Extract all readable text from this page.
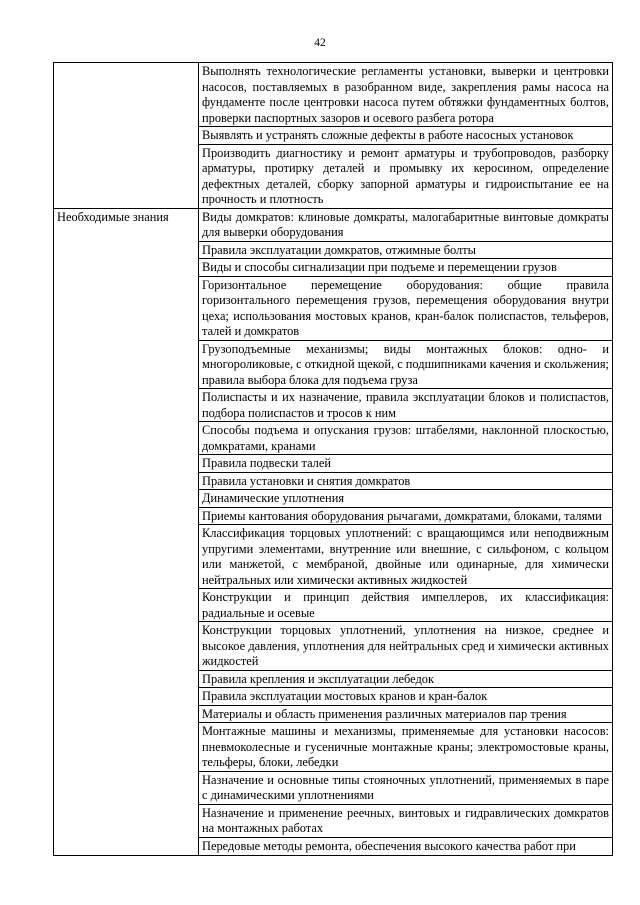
42
	Выполнять технологические регламенты установки, выверки и центровки насосов, поставляемых в разобранном виде, закрепления рамы насоса на фундаменте после центровки насоса путем обтяжки фундаментных болтов, проверки паспортных зазоров и осевого разбега ротора
	Выявлять и устранять сложные дефекты в работе насосных установок
	Производить диагностику и ремонт арматуры и трубопроводов, разборку арматуры, протирку деталей и промывку их керосином, определение дефектных деталей, сборку запорной арматуры и гидроиспытание ее на прочность и плотность
Необходимые знания	Виды домкратов: клиновые домкраты, малогабаритные винтовые домкраты для выверки оборудования
	Правила эксплуатации домкратов, отжимные болты
	Виды и способы сигнализации при подъеме и перемещении грузов
	Горизонтальное перемещение оборудования: общие правила горизонтального перемещения грузов, перемещения оборудования внутри цеха; использования мостовых кранов, кран-балок полиспастов, тельферов, талей и домкратов
	Грузоподъемные механизмы; виды монтажных блоков: одно- и многороликовые, с откидной щекой, с подшипниками качения и скольжения; правила выбора блока для подъема груза
	Полиспасты и их назначение, правила эксплуатации блоков и полиспастов, подбора полиспастов и тросов к ним
	Способы подъема и опускания грузов: штабелями, наклонной плоскостью, домкратами, кранами
	Правила подвески талей
	Правила установки и снятия домкратов
	Динамические уплотнения
	Приемы кантования оборудования рычагами, домкратами, блоками, талями
	Классификация торцовых уплотнений: с вращающимся или неподвижным упругими элементами, внутренние или внешние, с сильфоном, с кольцом или манжетой, с мембраной, двойные или одинарные, для химически нейтральных или химически активных жидкостей
	Конструкции и принцип действия импеллеров, их классификация: радиальные и осевые
	Конструкции торцовых уплотнений, уплотнения на низкое, среднее и высокое давления, уплотнения для нейтральных сред и химически активных жидкостей
	Правила крепления и эксплуатации лебедок
	Правила эксплуатации мостовых кранов и кран-балок
	Материалы и область применения различных материалов пар трения
	Монтажные машины и механизмы, применяемые для установки насосов: пневмоколесные и гусеничные монтажные краны; электромостовые краны, тельферы, блоки, лебедки
	Назначение и основные типы стояночных уплотнений, применяемых в паре с динамическими уплотнениями
	Назначение и применение реечных, винтовых и гидравлических домкратов на монтажных работах
	Передовые методы ремонта, обеспечения высокого качества работ при
